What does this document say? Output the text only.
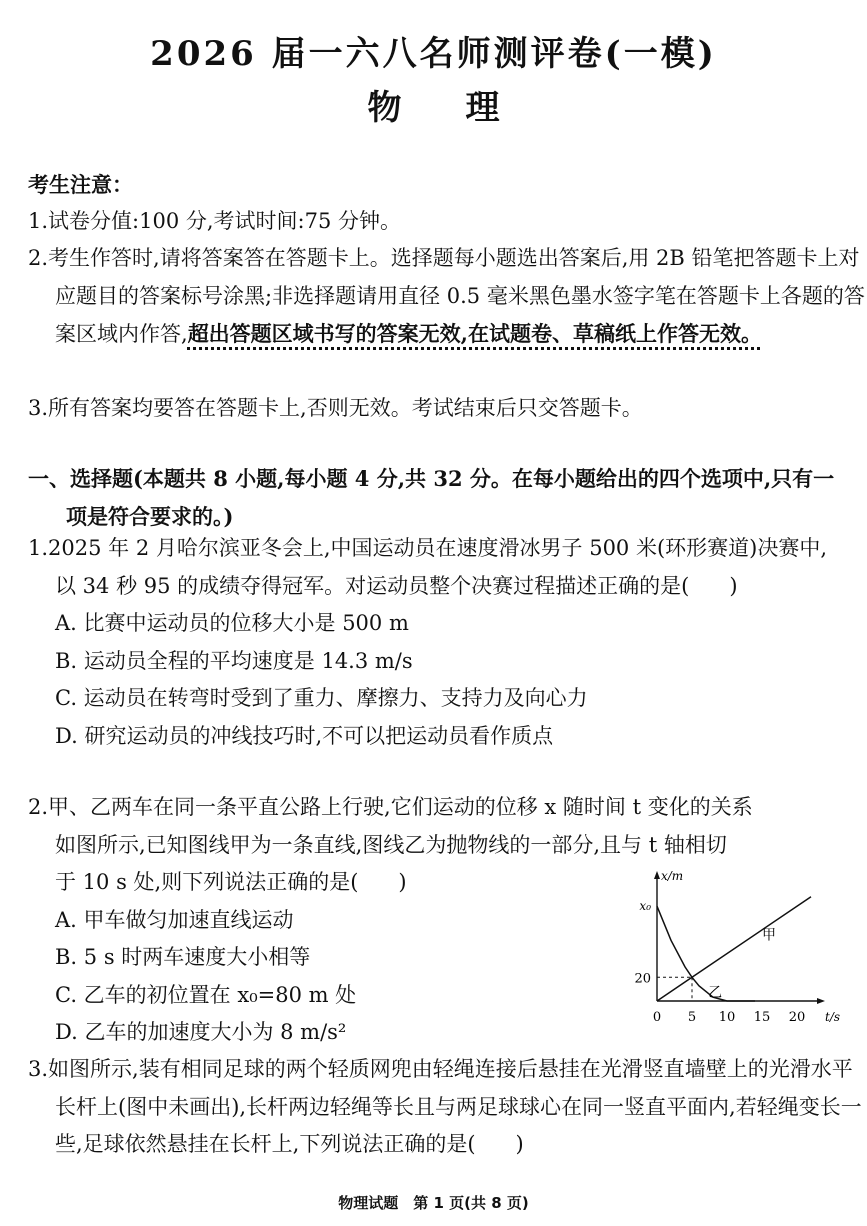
2026 届一六八名师测评卷(一模)
物理
考生注意：
1.试卷分值:100 分,考试时间:75 分钟。
2.考生作答时,请将答案答在答题卡上。选择题每小题选出答案后,用 2B 铅笔把答题卡上对应题目的答案标号涂黑;非选择题请用直径 0.5 毫米黑色墨水签字笔在答题卡上各题的答案区域内作答,超出答题区域书写的答案无效,在试题卷、草稿纸上作答无效。
3.所有答案均要答在答题卡上,否则无效。考试结束后只交答题卡。
一、选择题(本题共 8 小题,每小题 4 分,共 32 分。在每小题给出的四个选项中,只有一项是符合要求的。)
1.2025 年 2 月哈尔滨亚冬会上,中国运动员在速度滑冰男子 500 米(环形赛道)决赛中,以 34 秒 95 的成绩夺得冠军。对运动员整个决赛过程描述正确的是( )
A. 比赛中运动员的位移大小是 500 m
B. 运动员全程的平均速度是 14.3 m/s
C. 运动员在转弯时受到了重力、摩擦力、支持力及向心力
D. 研究运动员的冲线技巧时,不可以把运动员看作质点
2.甲、乙两车在同一条平直公路上行驶,它们运动的位移 x 随时间 t 变化的关系
如图所示,已知图线甲为一条直线,图线乙为抛物线的一部分,且与 t 轴相切
于 10 s 处,则下列说法正确的是( )
A. 甲车做匀加速直线运动
B. 5 s 时两车速度大小相等
C. 乙车的初位置在 x₀=80 m 处
D. 乙车的加速度大小为 8 m/s²
x/m
t/s
0 5 10 15 20
20
x₀
甲
乙
3.如图所示,装有相同足球的两个轻质网兜由轻绳连接后悬挂在光滑竖直墙壁上的光滑水平长杆上(图中未画出),长杆两边轻绳等长且与两足球球心在同一竖直平面内,若轻绳变长一些,足球依然悬挂在长杆上,下列说法正确的是( )
物理试题　第 1 页(共 8 页)
